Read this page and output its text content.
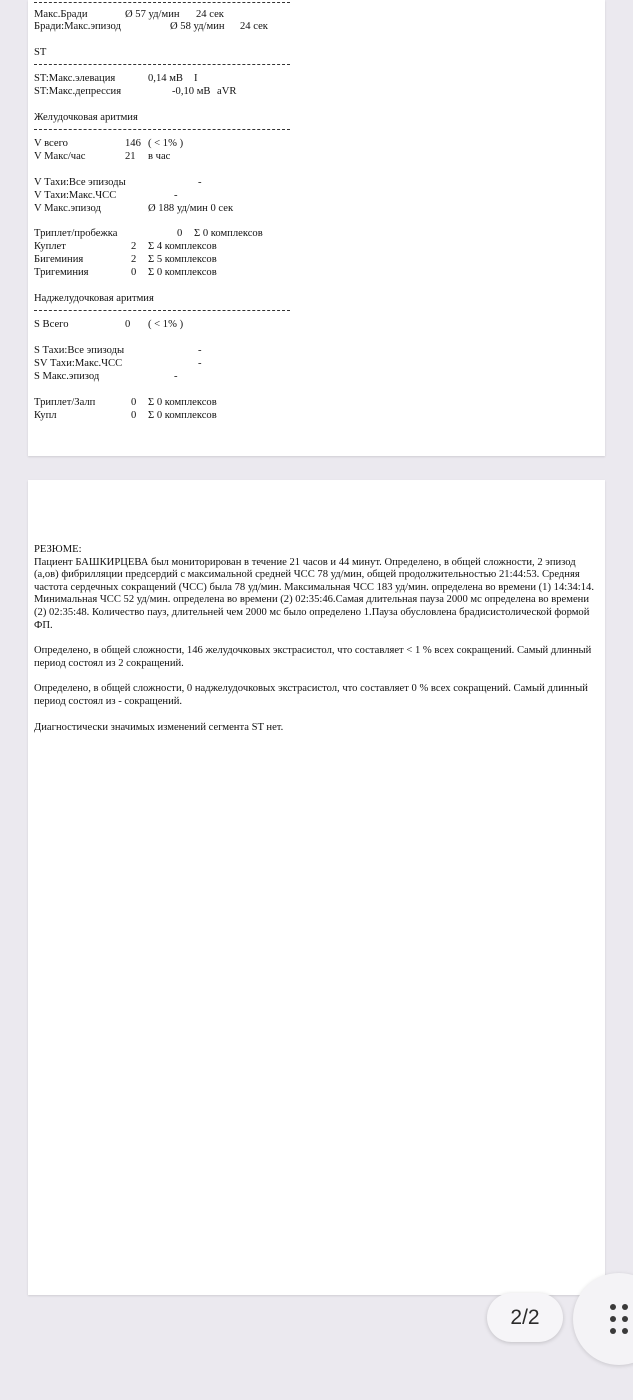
Макс.Бради	Ø 57 уд/мин 24 сек
Бради:Макс.эпизод	Ø 58 уд/мин 24 сек
ST
ST:Макс.элевация	0,14 мВ I
ST:Макс.депрессия	-0,10 мВ aVR
Желудочковая аритмия
V всего	146 ( < 1% )
V Макс/час	21 в час
V Тахи:Все эпизоды	-
V Тахи:Макс.ЧСС	-
V Макс.эпизод	Ø 188 уд/мин 0 сек
Триплет/пробежка	0 Σ 0 комплексов
Куплет	2 Σ 4 комплексов
Бигеминия	2 Σ 5 комплексов
Тригеминия	0 Σ 0 комплексов
Наджелудочковая аритмия
S Всего	0 ( < 1% )
S Тахи:Все эпизоды	-
SV Тахи:Макс.ЧСС	-
S Макс.эпизод	-
Триплет/Залп	0 Σ 0 комплексов
Купл	0 Σ 0 комплексов
РЕЗЮМЕ:

Пациент БАШКИРЦЕВА был мониторирован в течение 21 часов и 44 минут. Определено, в общей сложности, 2 эпизод (а,ов) фибрилляции предсердий с максимальной средней ЧСС 78 уд/мин, общей продолжительностью 21:44:53. Средняя частота сердечных сокращений (ЧСС) была 78 уд/мин. Максимальная ЧСС 183 уд/мин. определена во времени (1) 14:34:14. Минимальная ЧСС 52 уд/мин. определена во времени (2) 02:35:46.Самая длительная пауза 2000 мс определена во времени (2) 02:35:48. Количество пауз, длительней чем 2000 мс было определено 1.Пауза обусловлена брадисистолической формой ФП.

Определено, в общей сложности, 146 желудочковых экстрасистол, что составляет < 1 % всех сокращений. Самый длинный период состоял из 2 сокращений.

Определено, в общей сложности, 0 наджелудочковых экстрасистол, что составляет 0 % всех сокращений. Самый длинный период состоял из - сокращений.

Диагностически значимых изменений сегмента ST нет.

2/2
